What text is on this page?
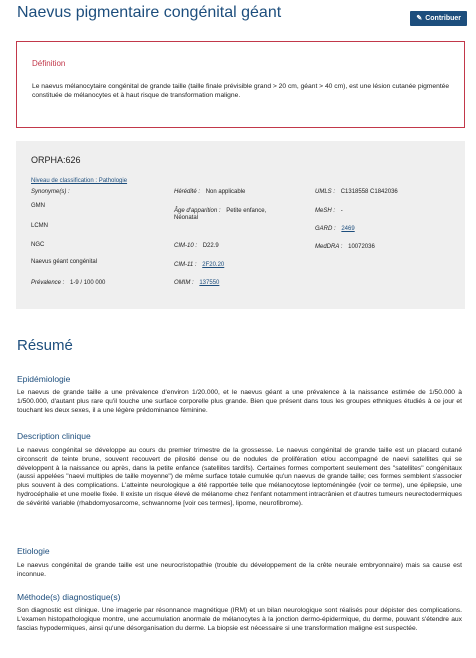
Naevus pigmentaire congénital géant	✎ Contribuer
Définition
Le naevus mélanocytaire congénital de grande taille (taille finale prévisible grand > 20 cm, géant > 40 cm), est une lésion cutanée pigmentée constituée de mélanocytes et à haut risque de transformation maligne.
ORPHA:626
Niveau de classification : Pathologie
Synonyme(s) :
GMN
LCMN
NGC
Naevus géant congénital
Prévalence : 1-9 / 100 000
Hérédité : Non applicable
Âge d'apparition : Petite enfance,
Néonatal
CIM-10 : D22.9
CIM-11 : 2F20.20
OMIM : 137550
UMLS : C1318558 C1842036
MeSH : -
GARD : 2469
MedDRA : 10072036
Résumé
Epidémiologie
Le naevus de grande taille a une prévalence d'environ 1/20.000, et le naevus géant a une prévalence à la naissance estimée de 1/50.000 à 1/500.000, d'autant plus rare qu'il touche une surface corporelle plus grande. Bien que présent dans tous les groupes ethniques étudiés à ce jour et touchant les deux sexes, il a une légère prédominance féminine.
Description clinique
Le naevus congénital se développe au cours du premier trimestre de la grossesse. Le naevus congénital de grande taille est un placard cutané circonscrit de teinte brune, souvent recouvert de pilosité dense ou de nodules de prolifération et/ou accompagné de naevi satellites qui se développent à la naissance ou après, dans la petite enfance (satellites tardifs). Certaines formes comportent seulement des "satellites" congénitaux (aussi appelées "naevi multiples de taille moyenne") de même surface totale cumulée qu'un naevus de grande taille; ces formes semblent s'associer plus souvent à des complications. L'atteinte neurologique a été rapportée telle que mélanocytose leptoméningée (voir ce terme), une épilepsie, une hydrocéphalie et une moelle fixée. Il existe un risque élevé de mélanome chez l'enfant notamment intracrânien et d'autres tumeurs neurectodermiques de sévérité variable (rhabdomyosarcome, schwannome [voir ces termes], lipome, neurofibrome).
Etiologie
Le naevus congénital de grande taille est une neurocristopathie (trouble du développement de la crête neurale embryonnaire) mais sa cause est inconnue.
Méthode(s) diagnostique(s)
Son diagnostic est clinique. Une imagerie par résonnance magnétique (IRM) et un bilan neurologique sont réalisés pour dépister des complications. L'examen histopathologique montre, une accumulation anormale de mélanocytes à la jonction dermo-épidermique, du derme, pouvant s'étendre aux fascias hypodermiques, ainsi qu'une désorganisation du derme. La biopsie est nécessaire si une transformation maligne est suspectée.
